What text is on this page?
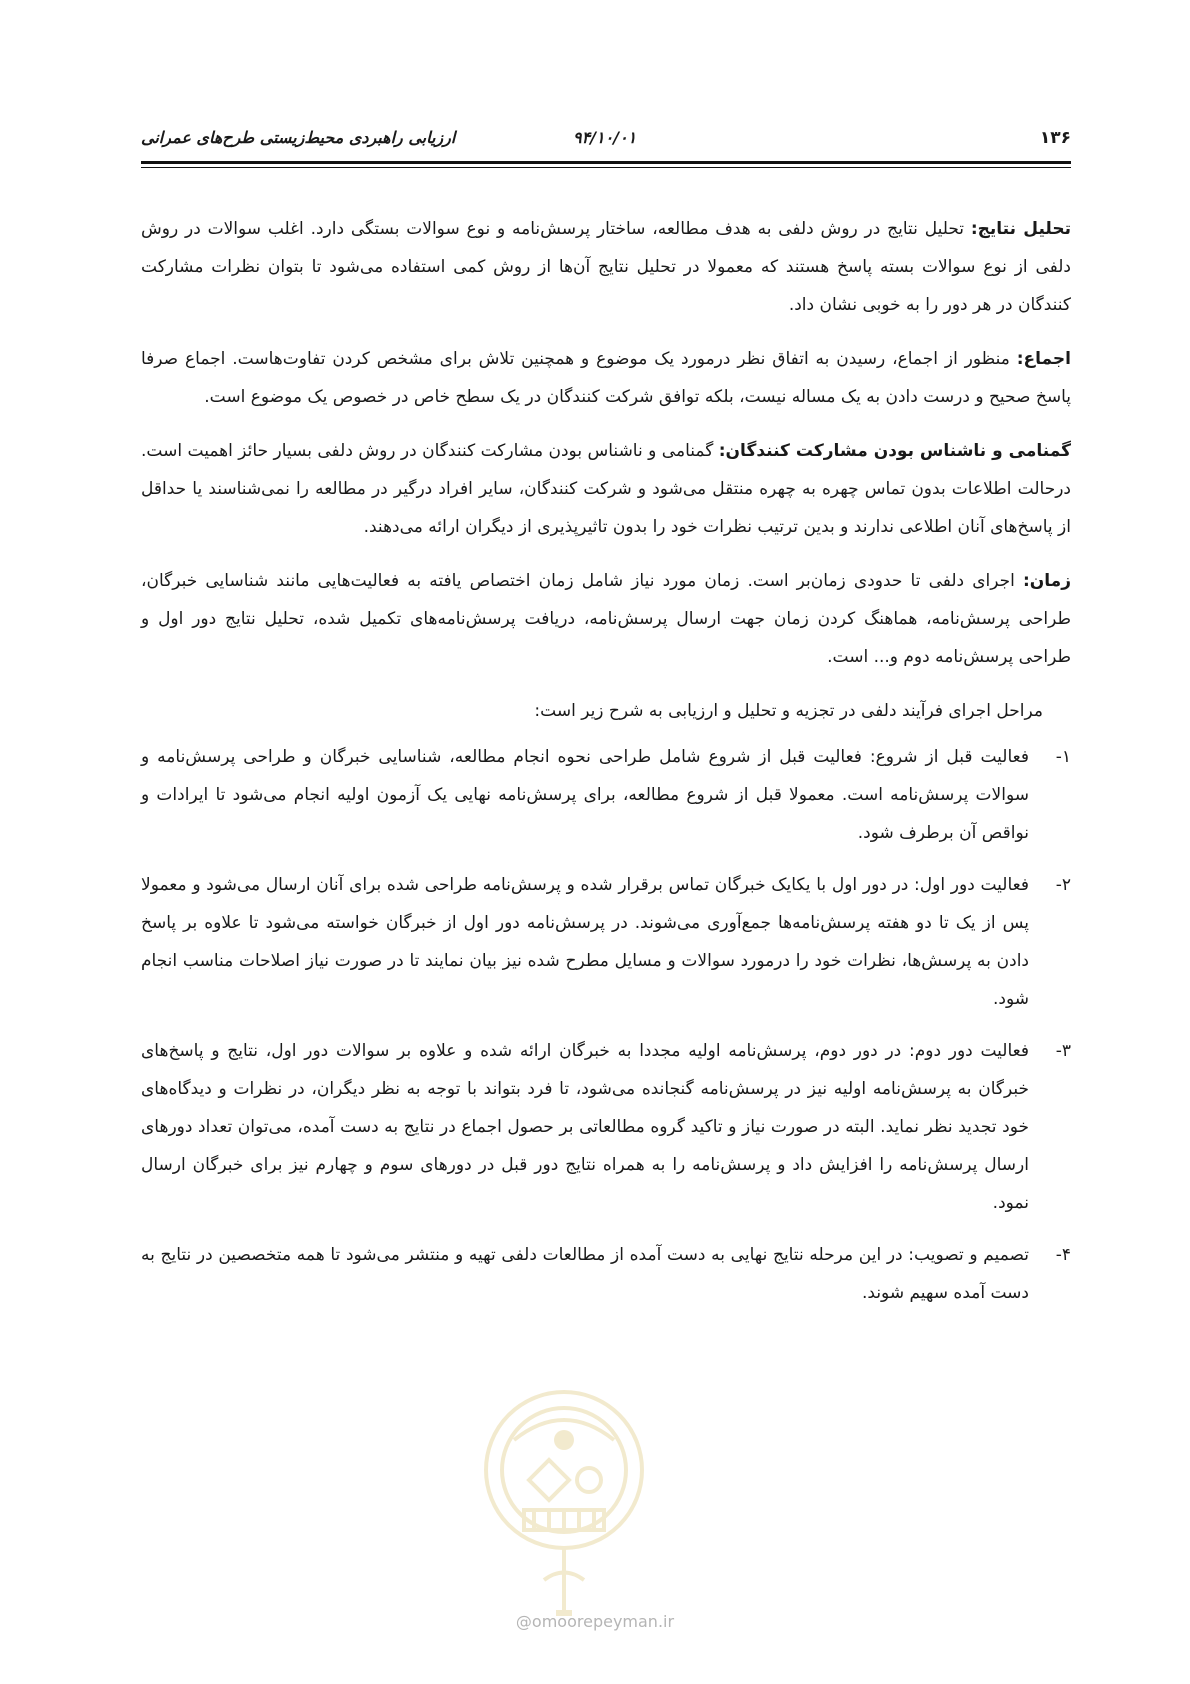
۱۳۶
۹۴/۱۰/۰۱
ارزیابی راهبردی محیط‌زیستی طرح‌های عمرانی

تحلیل نتایج: تحلیل نتایج در روش دلفی به هدف مطالعه، ساختار پرسش‌نامه و نوع سوالات بستگی دارد. اغلب سوالات در روش دلفی از نوع سوالات بسته پاسخ هستند که معمولا در تحلیل نتایج آن‌ها از روش کمی استفاده می‌شود تا بتوان نظرات مشارکت کنندگان در هر دور را به خوبی نشان داد.

اجماع: منظور از اجماع، رسیدن به اتفاق نظر درمورد یک موضوع و همچنین تلاش برای مشخص کردن تفاوت‌هاست. اجماع صرفا پاسخ صحیح و درست دادن به یک مساله نیست، بلکه توافق شرکت کنندگان در یک سطح خاص در خصوص یک موضوع است.

گمنامی و ناشناس بودن مشارکت کنندگان: گمنامی و ناشناس بودن مشارکت کنندگان در روش دلفی بسیار حائز اهمیت است. درحالت اطلاعات بدون تماس چهره به چهره منتقل می‌شود و شرکت کنندگان، سایر افراد درگیر در مطالعه را نمی‌شناسند یا حداقل از پاسخ‌های آنان اطلاعی ندارند و بدین ترتیب نظرات خود را بدون تاثیرپذیری از دیگران ارائه می‌دهند.

زمان: اجرای دلفی تا حدودی زمان‌بر است. زمان مورد نیاز شامل زمان اختصاص یافته به فعالیت‌هایی مانند شناسایی خبرگان، طراحی پرسش‌نامه، هماهنگ کردن زمان جهت ارسال پرسش‌نامه، دریافت پرسش‌نامه‌های تکمیل شده، تحلیل نتایج دور اول و طراحی پرسش‌نامه دوم و... است.

مراحل اجرای فرآیند دلفی در تجزیه و تحلیل و ارزیابی به شرح زیر است:

۱-
فعالیت قبل از شروع: فعالیت قبل از شروع شامل طراحی نحوه انجام مطالعه، شناسایی خبرگان و طراحی پرسش‌نامه و سوالات پرسش‌نامه است. معمولا قبل از شروع مطالعه، برای پرسش‌نامه نهایی یک آزمون اولیه انجام می‌شود تا ایرادات و نواقص آن برطرف شود.
۲-
فعالیت دور اول: در دور اول با یکایک خبرگان تماس برقرار شده و پرسش‌نامه طراحی شده برای آنان ارسال می‌شود و معمولا پس از یک تا دو هفته پرسش‌نامه‌ها جمع‌آوری می‌شوند. در پرسش‌نامه دور اول از خبرگان خواسته می‌شود تا علاوه بر پاسخ دادن به پرسش‌ها، نظرات خود را درمورد سوالات و مسایل مطرح شده نیز بیان نمایند تا در صورت نیاز اصلاحات مناسب انجام شود.
۳-
فعالیت دور دوم: در دور دوم، پرسش‌نامه اولیه مجددا به خبرگان ارائه شده و علاوه بر سوالات دور اول، نتایج و پاسخ‌های خبرگان به پرسش‌نامه اولیه نیز در پرسش‌نامه گنجانده می‌شود، تا فرد بتواند با توجه به نظر دیگران، در نظرات و دیدگاه‌های خود تجدید نظر نماید. البته در صورت نیاز و تاکید گروه مطالعاتی بر حصول اجماع در نتایج به دست آمده، می‌توان تعداد دورهای ارسال پرسش‌نامه را افزایش داد و پرسش‌نامه را به همراه نتایج دور قبل در دورهای سوم و چهارم نیز برای خبرگان ارسال نمود.
۴-
تصمیم و تصویب: در این مرحله نتایج نهایی به دست آمده از مطالعات دلفی تهیه و منتشر می‌شود تا همه متخصصین در نتایج به دست آمده سهیم شوند.
@omoorepeyman.ir
